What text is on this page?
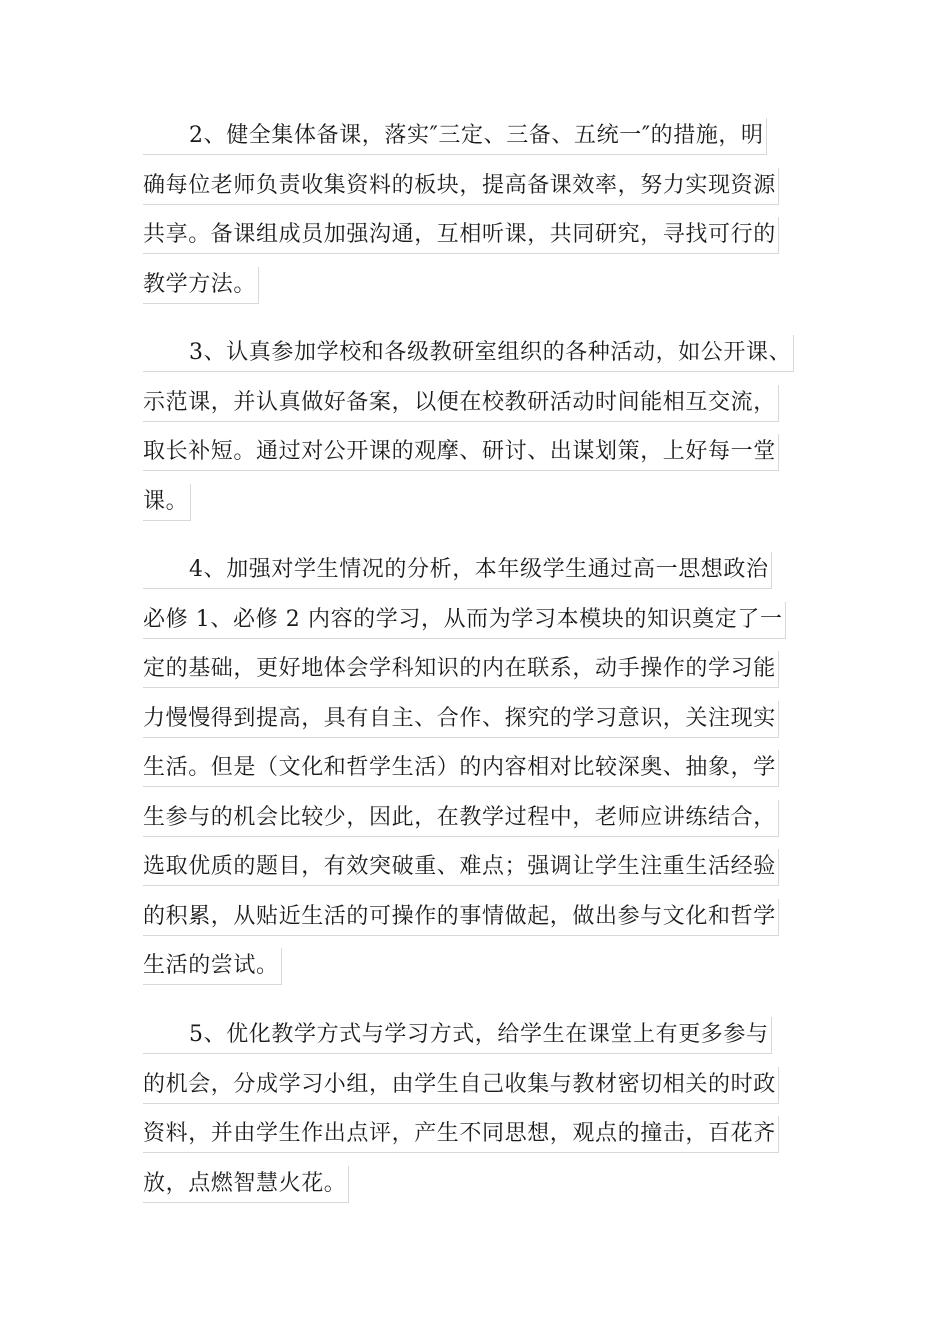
2、健全集体备课，落实″三定、三备、五统一″的措施，明
确每位老师负责收集资料的板块，提高备课效率，努力实现资源
共享。备课组成员加强沟通，互相听课，共同研究，寻找可行的
教学方法。
3、认真参加学校和各级教研室组织的各种活动，如公开课、
示范课，并认真做好备案，以便在校教研活动时间能相互交流，
取长补短。通过对公开课的观摩、研讨、出谋划策，上好每一堂
课。
4、加强对学生情况的分析，本年级学生通过高一思想政治
必修 1、必修 2 内容的学习，从而为学习本模块的知识奠定了一
定的基础，更好地体会学科知识的内在联系，动手操作的学习能
力慢慢得到提高，具有自主、合作、探究的学习意识，关注现实
生活。但是（文化和哲学生活）的内容相对比较深奥、抽象，学
生参与的机会比较少，因此，在教学过程中，老师应讲练结合，
选取优质的题目，有效突破重、难点；强调让学生注重生活经验
的积累，从贴近生活的可操作的事情做起，做出参与文化和哲学
生活的尝试。
5、优化教学方式与学习方式，给学生在课堂上有更多参与
的机会，分成学习小组，由学生自己收集与教材密切相关的时政
资料，并由学生作出点评，产生不同思想，观点的撞击，百花齐
放，点燃智慧火花。
